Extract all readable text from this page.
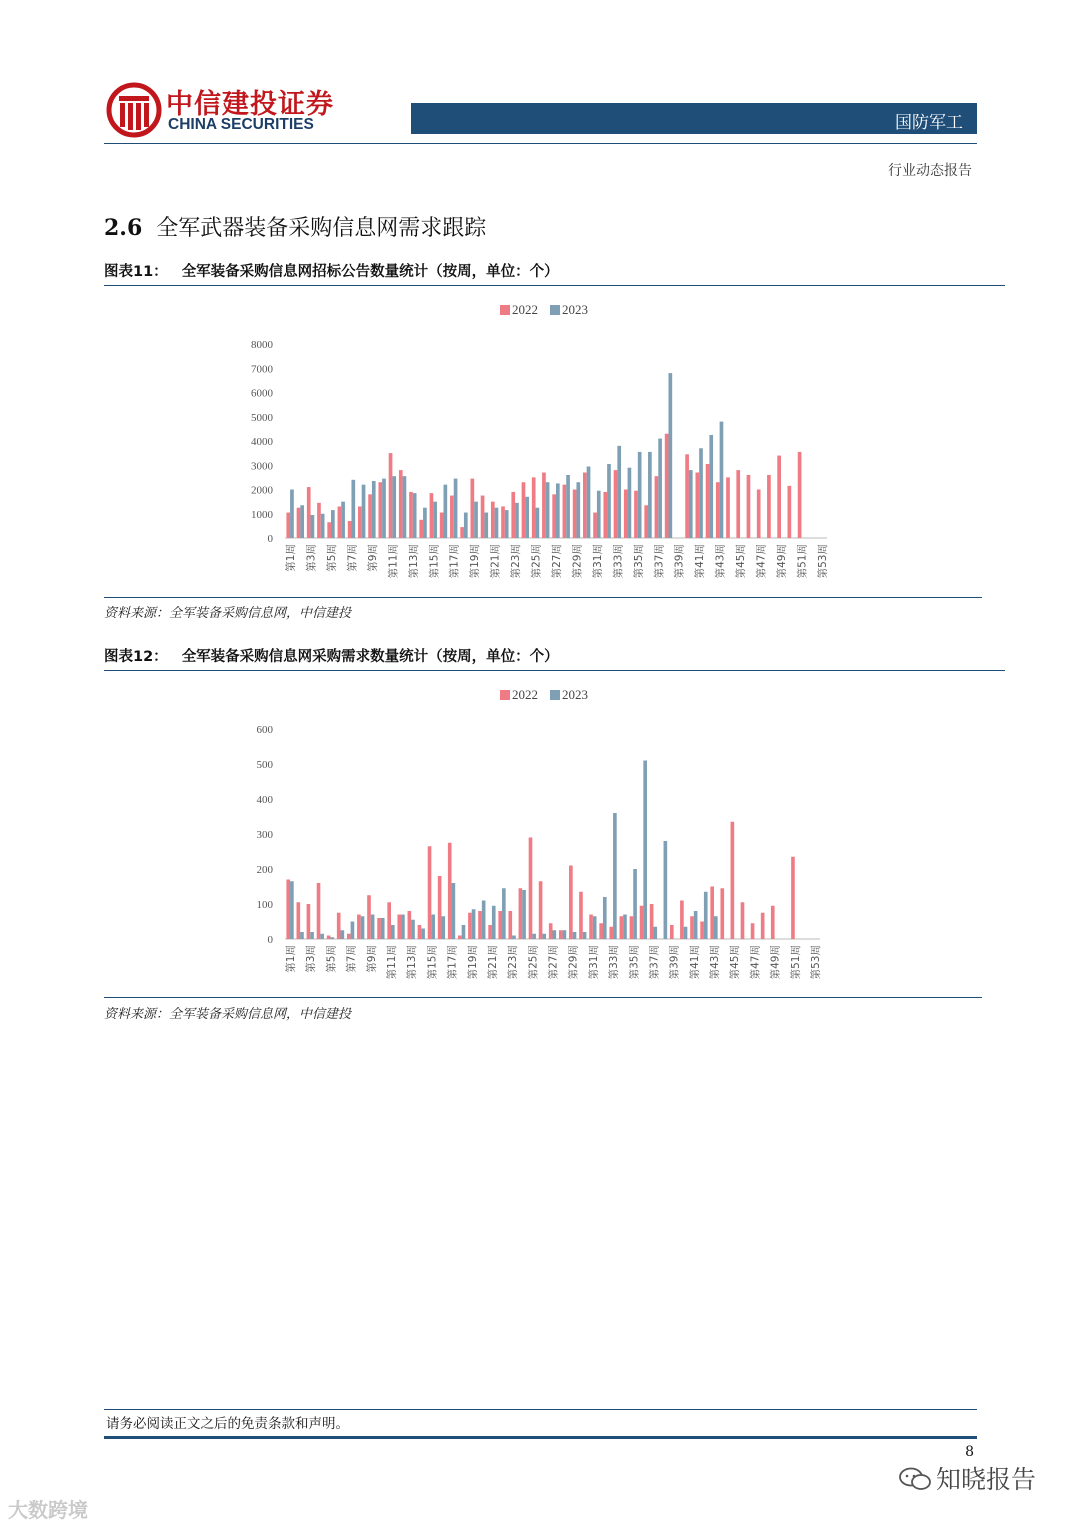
中信建投证券
CHINA SECURITIES	国防军工
行业动态报告
2.6 全军武器装备采购信息网需求跟踪
图表11： 全军装备采购信息网招标公告数量统计（按周，单位：个）
2022 2023
0
1000
2000
3000
4000
5000
6000
7000
8000
第1周 第3周 第5周 第7周 第9周 第11周 第13周 第15周 第17周 第19周 第21周 第23周 第25周 第27周 第29周 第31周 第33周 第35周 第37周 第39周 第41周 第43周 第45周 第47周 第49周 第51周 第53周
资料来源：全军装备采购信息网，中信建投
图表12： 全军装备采购信息网采购需求数量统计（按周，单位：个）
2022 2023
0
100
200
300
400
500
600
第1周 第3周 第5周 第7周 第9周 第11周 第13周 第15周 第17周 第19周 第21周 第23周 第25周 第27周 第29周 第31周 第33周 第35周 第37周 第39周 第41周 第43周 第45周 第47周 第49周 第51周 第53周
资料来源：全军装备采购信息网，中信建投
请务必阅读正文之后的免责条款和声明。
8
知晓报告
大数跨境
